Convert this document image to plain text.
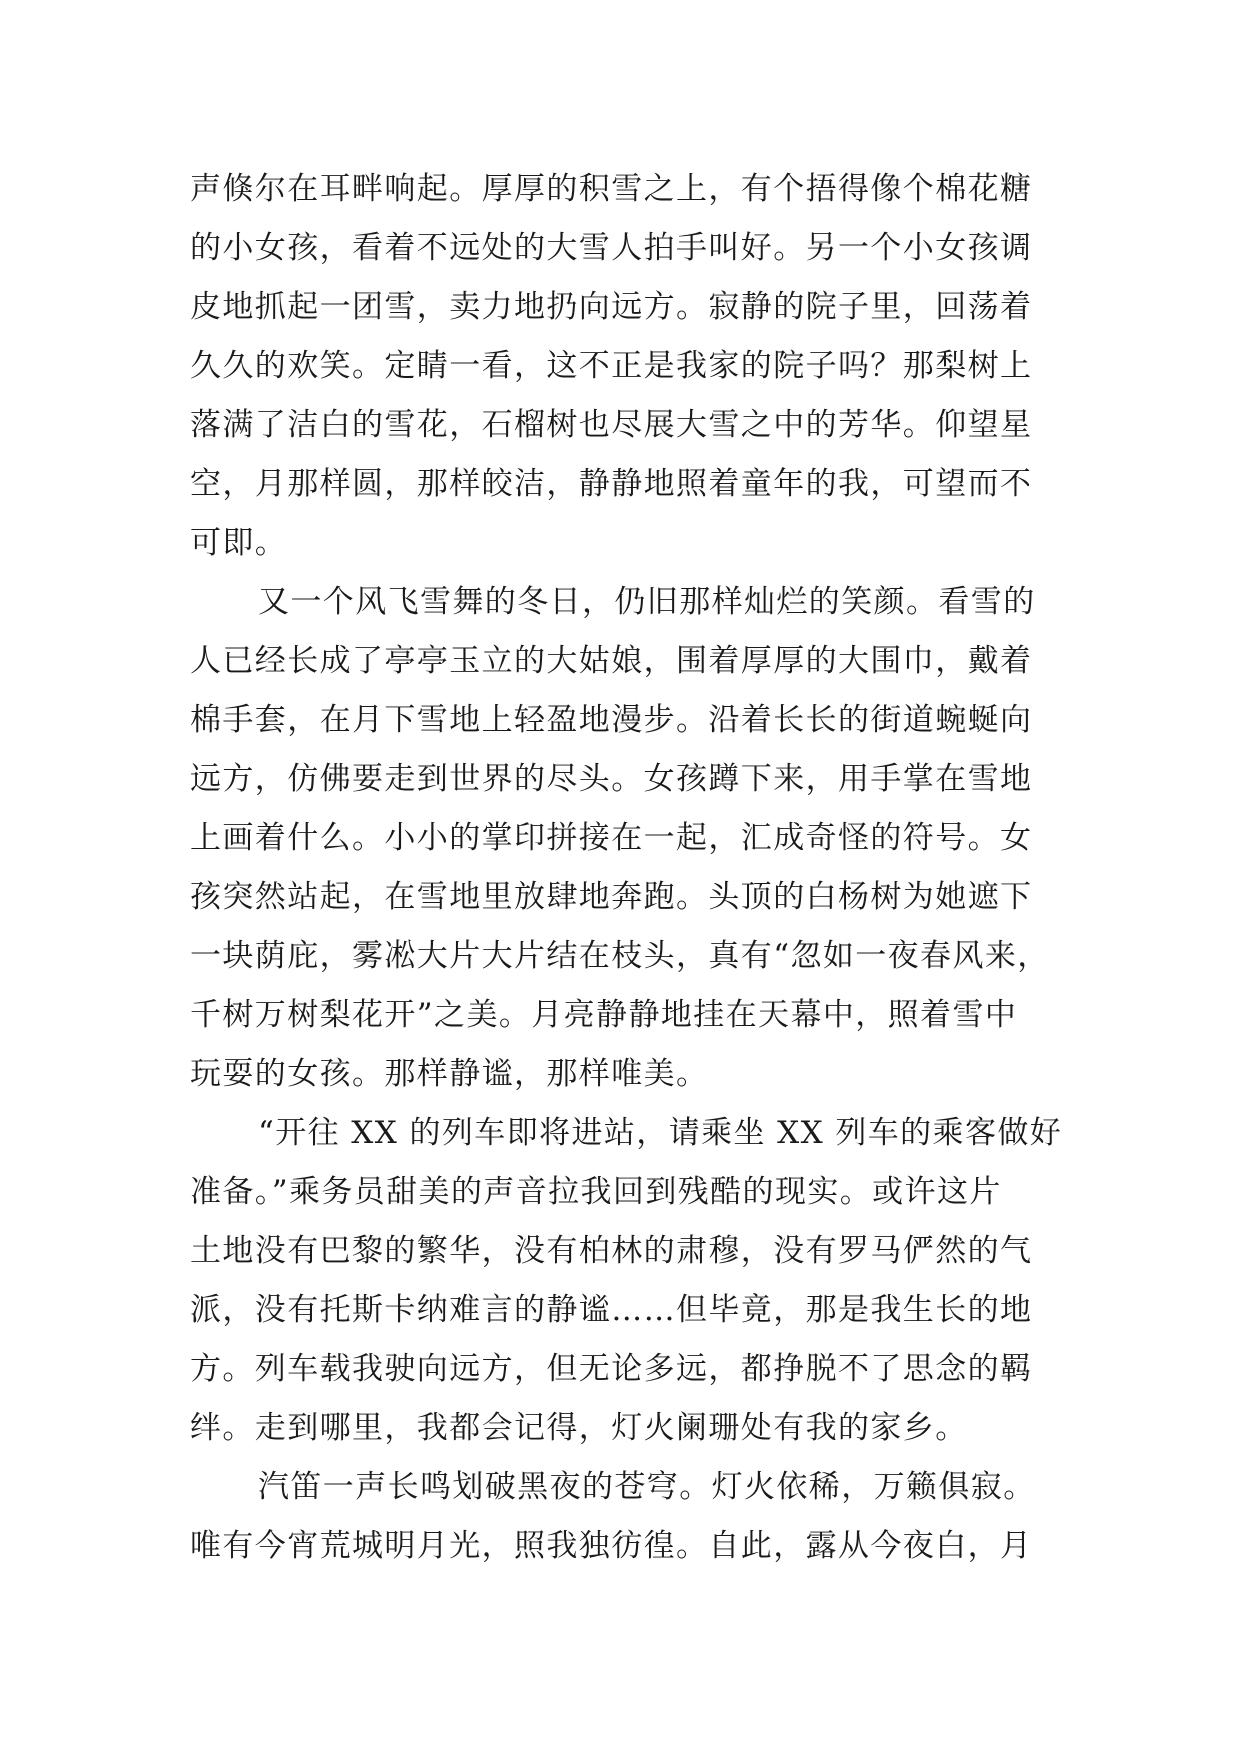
声倏尔在耳畔响起。厚厚的积雪之上，有个捂得像个棉花糖
的小女孩，看着不远处的大雪人拍手叫好。另一个小女孩调
皮地抓起一团雪，卖力地扔向远方。寂静的院子里，回荡着
久久的欢笑。定睛一看，这不正是我家的院子吗？那梨树上
落满了洁白的雪花，石榴树也尽展大雪之中的芳华。仰望星
空，月那样圆，那样皎洁，静静地照着童年的我，可望而不
可即。
又一个风飞雪舞的冬日，仍旧那样灿烂的笑颜。看雪的
人已经长成了亭亭玉立的大姑娘，围着厚厚的大围巾，戴着
棉手套，在月下雪地上轻盈地漫步。沿着长长的街道蜿蜒向
远方，仿佛要走到世界的尽头。女孩蹲下来，用手掌在雪地
上画着什么。小小的掌印拼接在一起，汇成奇怪的符号。女
孩突然站起，在雪地里放肆地奔跑。头顶的白杨树为她遮下
一块荫庇，雾凇大片大片结在枝头，真有“忽如一夜春风来，
千树万树梨花开”之美。月亮静静地挂在天幕中，照着雪中
玩耍的女孩。那样静谧，那样唯美。
“开往 XX 的列车即将进站，请乘坐 XX 列车的乘客做好
准备。”乘务员甜美的声音拉我回到残酷的现实。或许这片
土地没有巴黎的繁华，没有柏林的肃穆，没有罗马俨然的气
派，没有托斯卡纳难言的静谧……但毕竟，那是我生长的地
方。列车载我驶向远方，但无论多远，都挣脱不了思念的羁
绊。走到哪里，我都会记得，灯火阑珊处有我的家乡。
汽笛一声长鸣划破黑夜的苍穹。灯火依稀，万籁俱寂。
唯有今宵荒城明月光，照我独彷徨。自此，露从今夜白，月
